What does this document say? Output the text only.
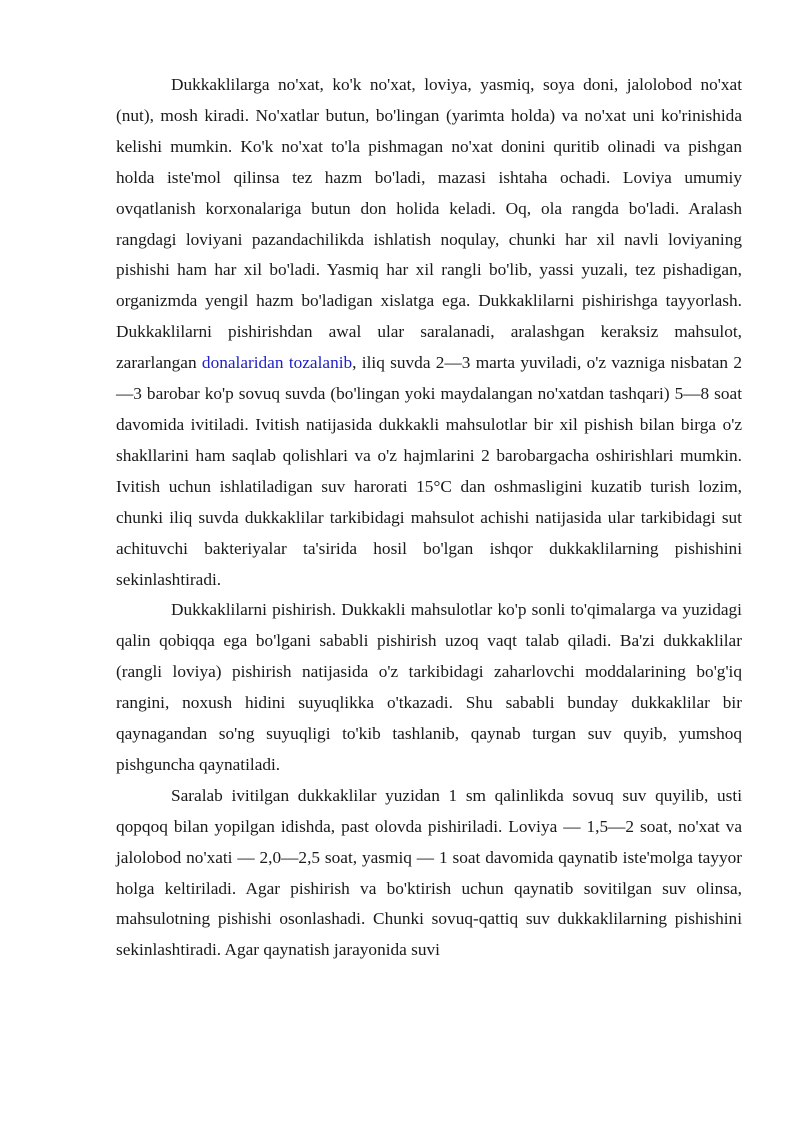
Dukkaklilarga no'xat, ko'k no'xat, loviya, yasmiq, soya doni, jalolobod no'xat (nut), mosh kiradi. No'xatlar butun, bo'lingan (yarimta holda) va no'xat uni ko'rinishida kelishi mumkin. Ko'k no'xat to'la pishmagan no'xat donini quritib olinadi va pishgan holda iste'mol qilinsa tez hazm bo'ladi, mazasi ishtaha ochadi. Loviya umumiy ovqatlanish korxonalariga butun don holida keladi. Oq, ola rangda bo'ladi. Aralash rangdagi loviyani pazandachilikda ishlatish noqulay, chunki har xil navli loviyaning pishishi ham har xil bo'ladi. Yasmiq har xil rangli bo'lib, yassi yuzali, tez pishadigan, organizmda yengil hazm bo'ladigan xislatga ega. Dukkaklilarni pishirishga tayyorlash. Dukkaklilarni pishirishdan awal ular saralanadi, aralashgan keraksiz mahsulot, zararlangan donalaridan tozalanib, iliq suvda 2—3 marta yuviladi, o'z vazniga nisbatan 2—3 barobar ko'p sovuq suvda (bo'lingan yoki maydalangan no'xatdan tashqari) 5—8 soat davomida ivitiladi. Ivitish natijasida dukkakli mahsulotlar bir xil pishish bilan birga o'z shakllarini ham saqlab qolishlari va o'z hajmlarini 2 barobargacha oshirishlari mumkin. Ivitish uchun ishlatiladigan suv harorati 15°C dan oshmasligini kuzatib turish lozim, chunki iliq suvda dukkaklilar tarkibidagi mahsulot achishi natijasida ular tarkibidagi sut achituvchi bakteriyalar ta'sirida hosil bo'lgan ishqor dukkaklilarning pishishini sekinlashtiradi.

Dukkaklilarni pishirish. Dukkakli mahsulotlar ko'p sonli to'qimalarga va yuzidagi qalin qobiqqa ega bo'lgani sababli pishirish uzoq vaqt talab qiladi. Ba'zi dukkaklilar (rangli loviya) pishirish natijasida o'z tarkibidagi zaharlovchi moddalarining bo'g'iq rangini, noxush hidini suyuqlikka o'tkazadi. Shu sababli bunday dukkaklilar bir qaynagandan so'ng suyuqligi to'kib tashlanib, qaynab turgan suv quyib, yumshoq pishguncha qaynatiladi.

Saralab ivitilgan dukkaklilar yuzidan 1 sm qalinlikda sovuq suv quyilib, usti qopqoq bilan yopilgan idishda, past olovda pishiriladi. Loviya — 1,5—2 soat, no'xat va jalolobod no'xati — 2,0—2,5 soat, yasmiq — 1 soat davomida qaynatib iste'molga tayyor holga keltiriladi. Agar pishirish va bo'ktirish uchun qaynatib sovitilgan suv olinsa, mahsulotning pishishi osonlashadi. Chunki sovuq-qattiq suv dukkaklilarning pishishini sekinlashtiradi. Agar qaynatish jarayonida suvi
